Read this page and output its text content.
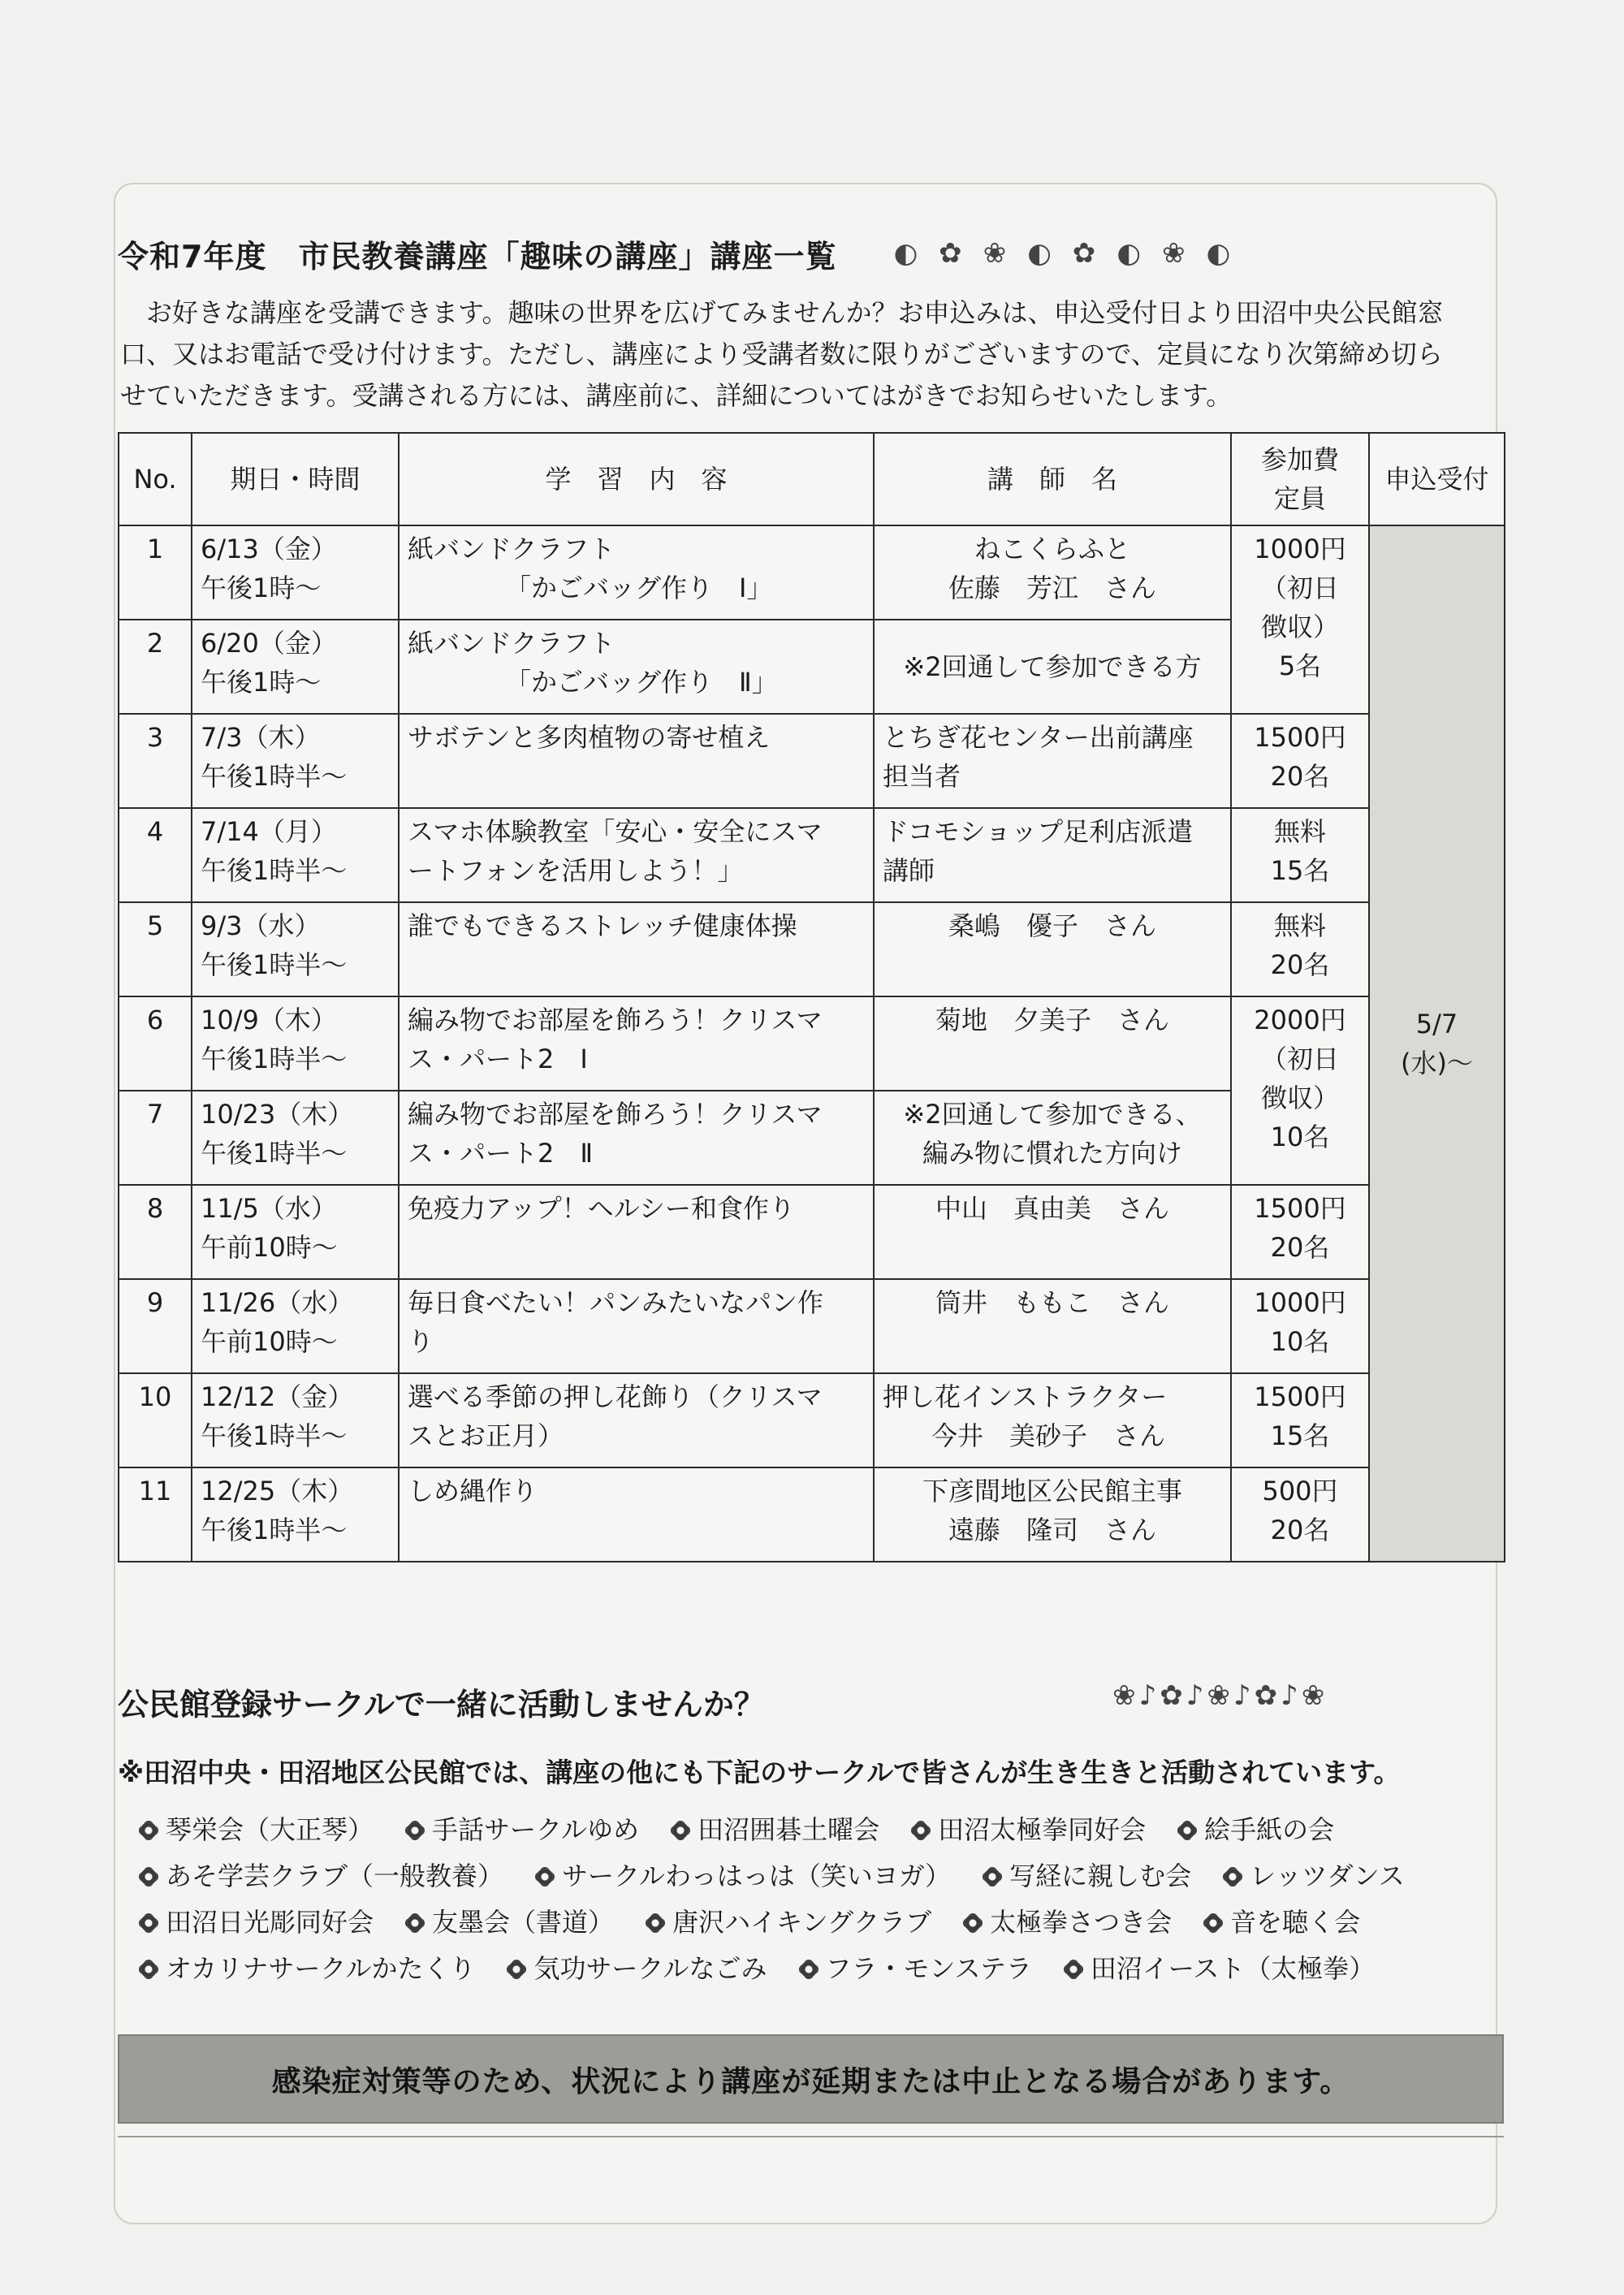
令和7年度　市民教養講座「趣味の講座」講座一覧 ◐ ✿ ❀ ◐ ✿ ◐ ❀ ◐

お好きな講座を受講できます。趣味の世界を広げてみませんか？お申込みは、申込受付日より田沼中央公民館窓

口、又はお電話で受け付けます。ただし、講座により受講者数に限りがございますので、定員になり次第締め切ら

せていただきます。受講される方には、講座前に、詳細についてはがきでお知らせいたします。

No.	期日・時間	学　習　内　容	講　師　名	参加費
定員	申込受付
1	6/13（金）
午後1時〜	紙バンドクラフト
「かごバッグ作り　Ⅰ」	ねこくらふと
佐藤　芳江　さん	1000円
（初日
徴収）
5名	5/7
(水)〜

2	6/20（金）
午後1時〜	紙バンドクラフト
「かごバッグ作り　Ⅱ」	※2回通して参加できる方		

3	7/3（木）
午後1時半〜	サボテンと多肉植物の寄せ植え	とちぎ花センター出前講座
担当者	1500円
20名	

4	7/14（月）
午後1時半〜	スマホ体験教室「安心・安全にスマ
ートフォンを活用しよう！」	ドコモショップ足利店派遣
講師	無料
15名	

5	9/3（水）
午後1時半〜	誰でもできるストレッチ健康体操	桑嶋　優子　さん	無料
20名	

6	10/9（木）
午後1時半〜	編み物でお部屋を飾ろう！クリスマ
ス・パート2　Ⅰ	菊地　夕美子　さん	2000円
（初日
徴収）
10名	

7	10/23（木）
午後1時半〜	編み物でお部屋を飾ろう！クリスマ
ス・パート2　Ⅱ	※2回通して参加できる、
編み物に慣れた方向け		

8	11/5（水）
午前10時〜	免疫力アップ！ヘルシー和食作り	中山　真由美　さん	1500円
20名	

9	11/26（水）
午前10時〜	毎日食べたい！パンみたいなパン作
り	筒井　ももこ　さん	1000円
10名	

10	12/12（金）
午後1時半〜	選べる季節の押し花飾り（クリスマ
スとお正月）	押し花インストラクター
今井　美砂子　さん	1500円
15名	

11	12/25（木）
午後1時半〜	しめ縄作り	下彦間地区公民館主事
遠藤　隆司　さん	500円
20名	
公民館登録サークルで一緒に活動しませんか？	❀♪✿♪❀♪✿♪❀
※田沼中央・田沼地区公民館では、講座の他にも下記のサークルで皆さんが生き生きと活動されています。
琴栄会（大正琴） 手話サークルゆめ 田沼囲碁土曜会 田沼太極拳同好会 絵手紙の会
あそ学芸クラブ（一般教養） サークルわっはっは（笑いヨガ） 写経に親しむ会 レッツダンス
田沼日光彫同好会 友墨会（書道） 唐沢ハイキングクラブ 太極拳さつき会 音を聴く会
オカリナサークルかたくり 気功サークルなごみ フラ・モンステラ 田沼イースト（太極拳）
感染症対策等のため、状況により講座が延期または中止となる場合があります。
